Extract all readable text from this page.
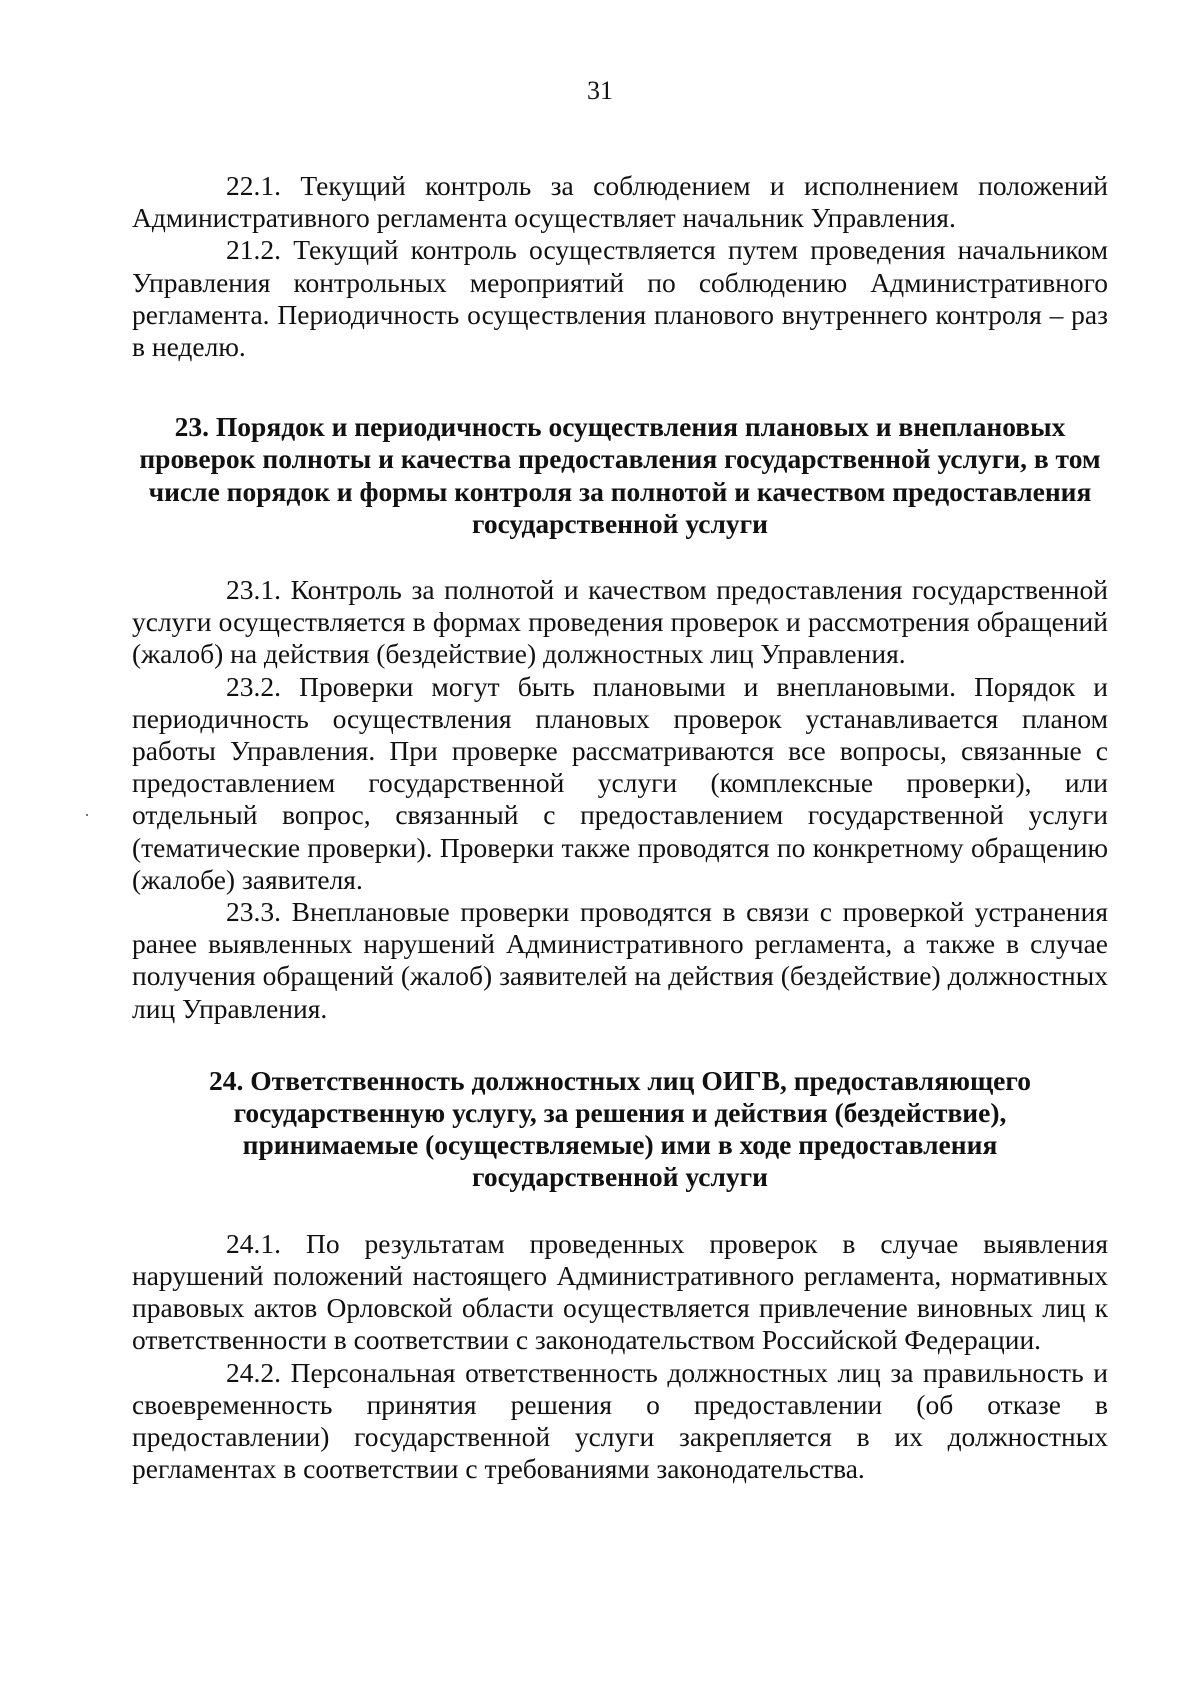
31

22.1. Текущий контроль за соблюдением и исполнением положений Административного регламента осуществляет начальник Управления.

21.2. Текущий контроль осуществляется путем проведения начальником Управления контрольных мероприятий по соблюдению Административного регламента. Периодичность осуществления планового внутреннего контроля – раз в неделю.

23. Порядок и периодичность осуществления плановых и внеплановых проверок полноты и качества предоставления государственной услуги, в том числе порядок и формы контроля за полнотой и качеством предоставления государственной услуги

23.1. Контроль за полнотой и качеством предоставления государственной услуги осуществляется в формах проведения проверок и рассмотрения обращений (жалоб) на действия (бездействие) должностных лиц Управления.

23.2. Проверки могут быть плановыми и внеплановыми. Порядок и периодичность осуществления плановых проверок устанавливается планом работы Управления. При проверке рассматриваются все вопросы, связанные с предоставлением государственной услуги (комплексные проверки), или отдельный вопрос, связанный с предоставлением государственной услуги (тематические проверки). Проверки также проводятся по конкретному обращению (жалобе) заявителя.

23.3. Внеплановые проверки проводятся в связи с проверкой устранения ранее выявленных нарушений Административного регламента, а также в случае получения обращений (жалоб) заявителей на действия (бездействие) должностных лиц Управления.

24. Ответственность должностных лиц ОИГВ, предоставляющего государственную услугу, за решения и действия (бездействие), принимаемые (осуществляемые) ими в ходе предоставления государственной услуги

24.1. По результатам проведенных проверок в случае выявления нарушений положений настоящего Административного регламента, нормативных правовых актов Орловской области осуществляется привлечение виновных лиц к ответственности в соответствии с законодательством Российской Федерации.

24.2. Персональная ответственность должностных лиц за правильность и своевременность принятия решения о предоставлении (об отказе в предоставлении) государственной услуги закрепляется в их должностных регламентах в соответствии с требованиями законодательства.
